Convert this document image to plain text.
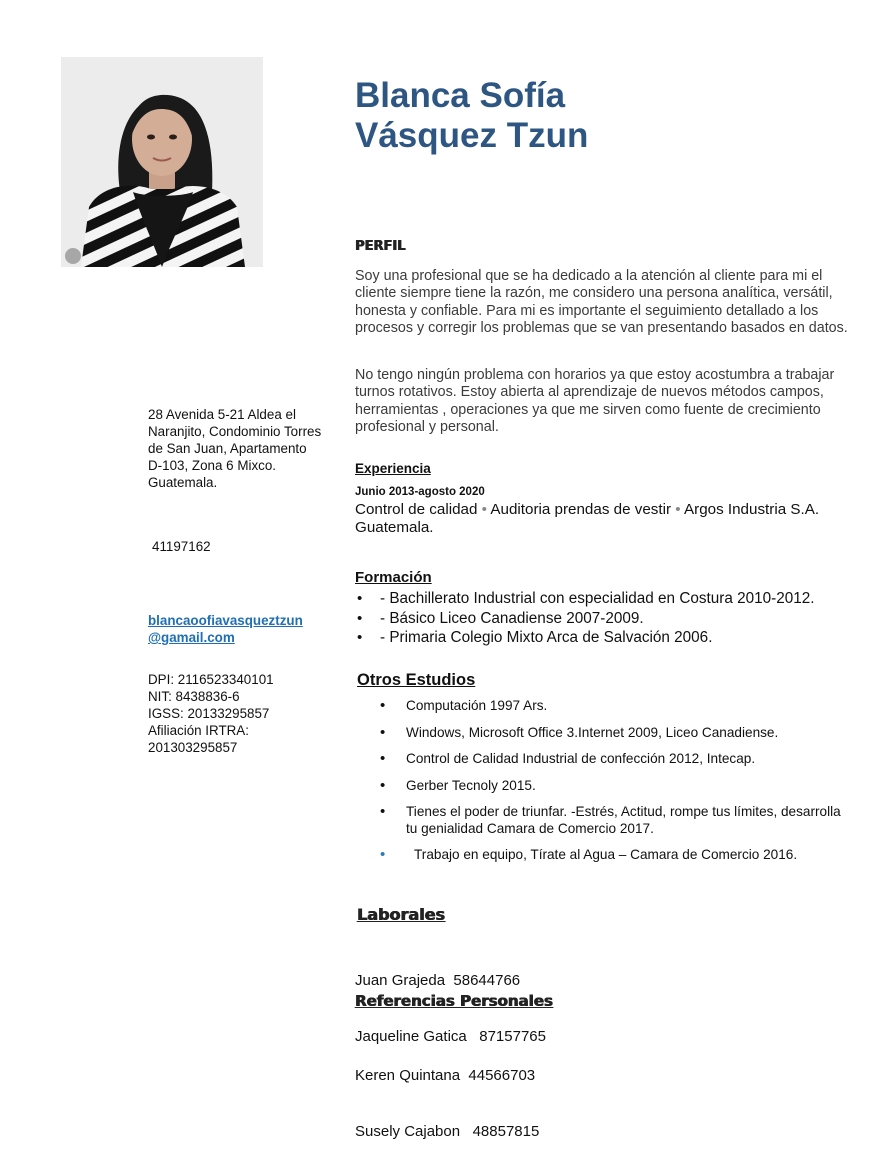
Blanca Sofía
Vásquez Tzun
PERFIL

Soy una profesional que se ha dedicado a la atención al cliente para mi el cliente siempre tiene la razón, me considero una persona analítica, versátil, honesta y confiable. Para mi es importante el seguimiento detallado a los procesos y corregir los problemas que se van presentando basados en datos.

No tengo ningún problema con horarios ya que estoy acostumbra a trabajar turnos rotativos. Estoy abierta al aprendizaje de nuevos métodos campos, herramientas , operaciones ya que me sirven como fuente de crecimiento profesional y personal.

Experiencia

Junio 2013-agosto 2020

Control de calidad • Auditoria prendas de vestir • Argos Industria S.A. Guatemala.

Formación
• - Bachillerato Industrial con especialidad en Costura 2010-2012.
• - Básico Liceo Canadiense 2007-2009.
• - Primaria Colegio Mixto Arca de Salvación 2006.
Otros Estudios
• Computación 1997 Ars.
• Windows, Microsoft Office 3.Internet 2009, Liceo Canadiense.
• Control de Calidad Industrial de confección 2012, Intecap.
• Gerber Tecnoly 2015.
• Tienes el poder de triunfar. -Estrés, Actitud, rompe tus límites, desarrolla tu genialidad Camara de Comercio 2017.
• Trabajo en equipo, Tírate al Agua – Camara de Comercio 2016.
Laborales

Juan Grajeda  58644766

Jaqueline Gatica   87157765

Referencias Personales

Keren Quintana  44566703

Susely Cajabon   48857815

28 Avenida 5-21 Aldea el Naranjito, Condominio Torres de San Juan, Apartamento D-103, Zona 6 Mixco.
Guatemala.

41197162

blancaoofiavasqueztzun
@gamail.com

DPI: 2116523340101
NIT: 8438836-6
IGSS: 20133295857
Afiliación IRTRA:
201303295857
